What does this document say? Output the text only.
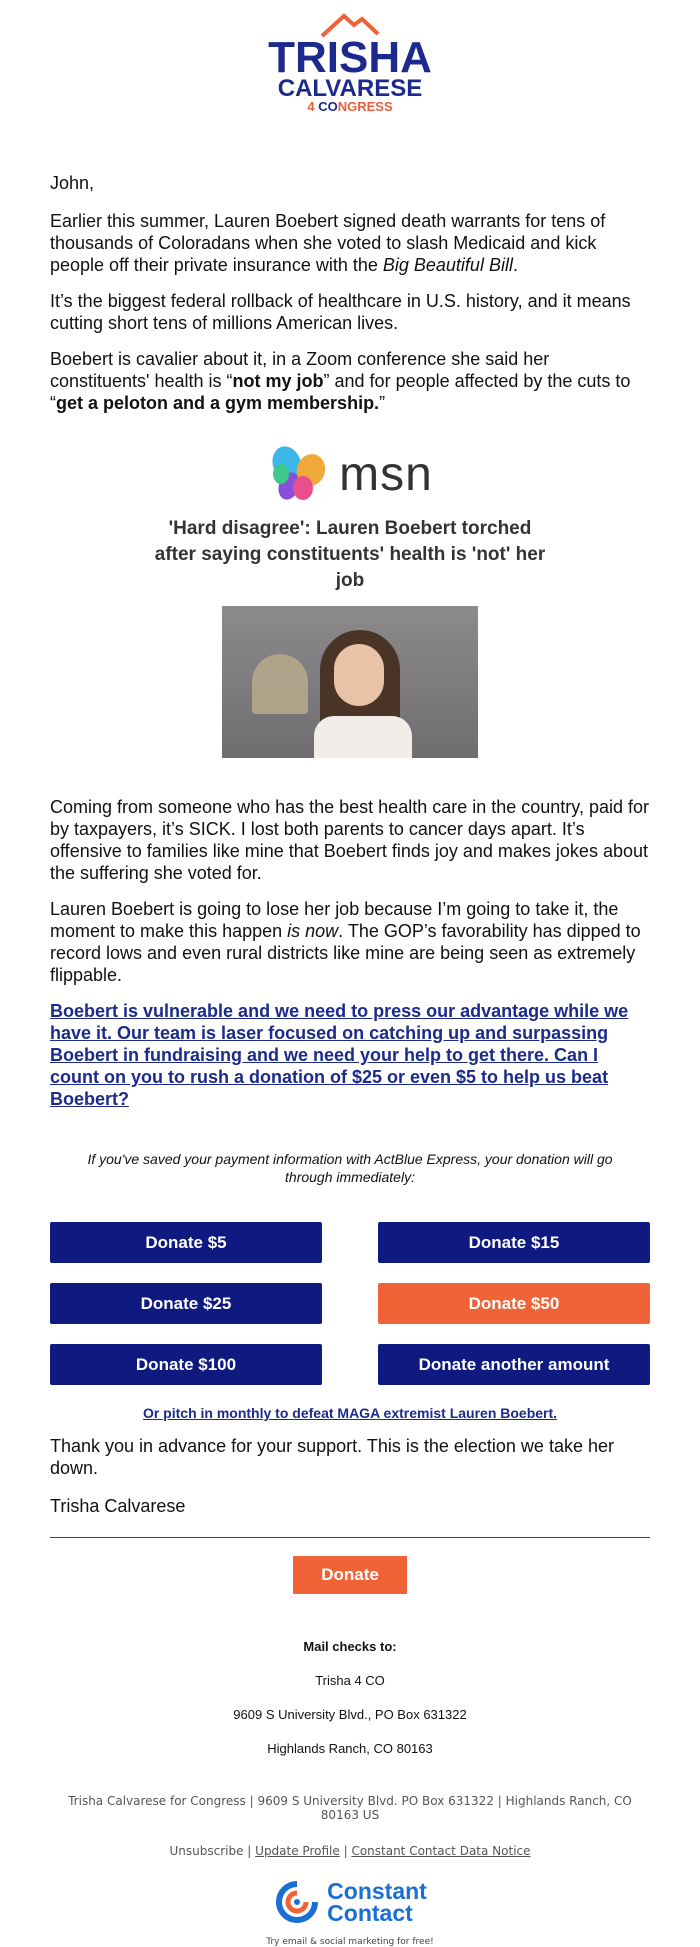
TRISHA
CALVARESE
4 CONGRESS

John,

Earlier this summer, Lauren Boebert signed death warrants for tens of thousands of Coloradans when she voted to slash Medicaid and kick people off their private insurance with the Big Beautiful Bill.

It’s the biggest federal rollback of healthcare in U.S. history, and it means cutting short tens of millions American lives.

Boebert is cavalier about it, in a Zoom conference she said her constituents' health is “not my job” and for people affected by the cuts to “get a peloton and a gym membership.”

msn
'Hard disagree': Lauren Boebert torched after saying constituents' health is 'not' her job

Coming from someone who has the best health care in the country, paid for by taxpayers, it’s SICK. I lost both parents to cancer days apart. It’s offensive to families like mine that Boebert finds joy and makes jokes about the suffering she voted for.

Lauren Boebert is going to lose her job because I’m going to take it, the moment to make this happen is now. The GOP’s favorability has dipped to record lows and even rural districts like mine are being seen as extremely flippable.

Boebert is vulnerable and we need to press our advantage while we have it. Our team is laser focused on catching up and surpassing Boebert in fundraising and we need your help to get there. Can I count on you to rush a donation of $25 or even $5 to help us beat Boebert?

If you've saved your payment information with ActBlue Express, your donation will go through immediately:

Donate $5	Donate $15
Donate $25	Donate $50
Donate $100	Donate another amount
Or pitch in monthly to defeat MAGA extremist Lauren Boebert.

Thank you in advance for your support. This is the election we take her down.

Trisha Calvarese

Donate
Mail checks to:
Trisha 4 CO
9609 S University Blvd., PO Box 631322
Highlands Ranch, CO 80163
Trisha Calvarese for Congress | 9609 S University Blvd. PO Box 631322 | Highlands Ranch, CO 80163 US
Unsubscribe | Update Profile | Constant Contact Data Notice
Constant
Contact
Try email & social marketing for free!
